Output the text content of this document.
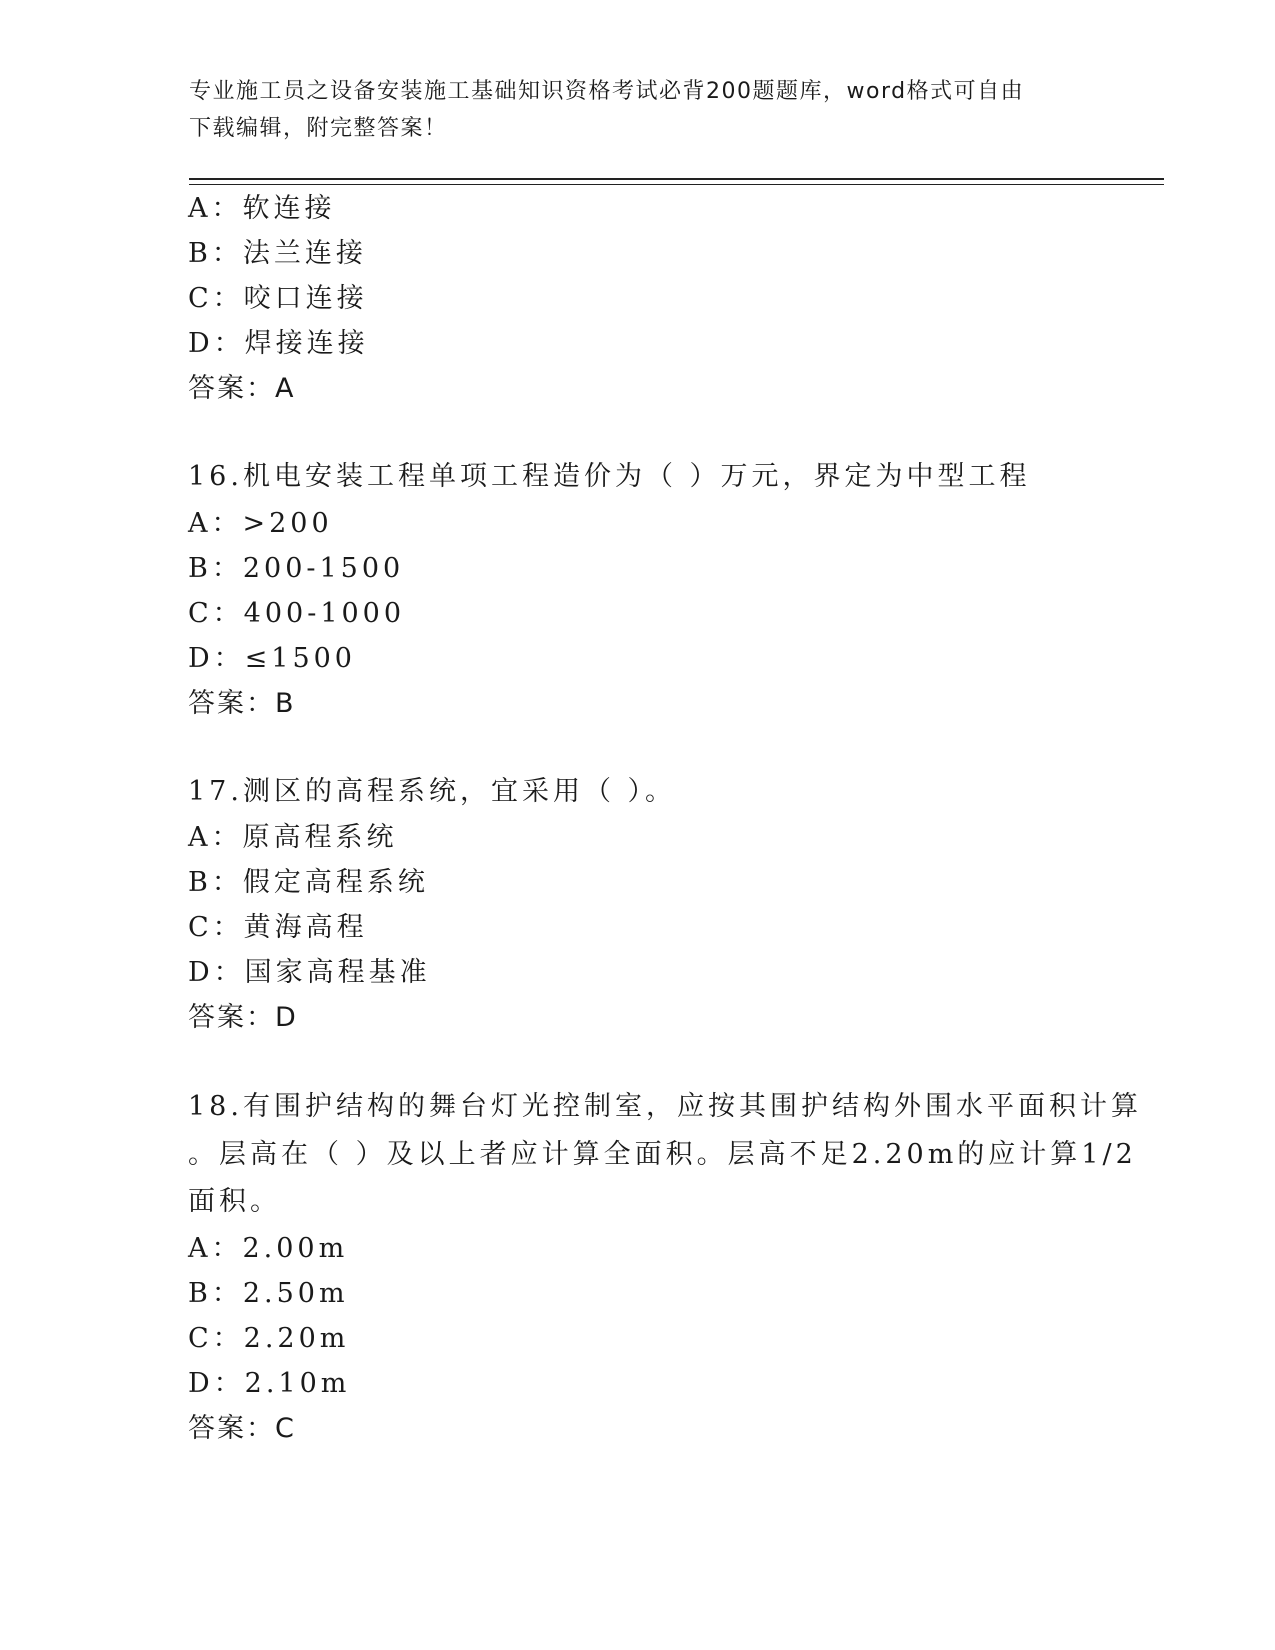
专业施工员之设备安装施工基础知识资格考试必背200题题库，word格式可自由
下载编辑，附完整答案！
A：软连接
B：法兰连接
C：咬口连接
D：焊接连接
答案：A
16.机电安装工程单项工程造价为（ ）万元，界定为中型工程
A：>200
B：200-1500
C：400-1000
D：≤1500
答案：B
17.测区的高程系统，宜采用（ ）。
A：原高程系统
B：假定高程系统
C：黄海高程
D：国家高程基准
答案：D
18.有围护结构的舞台灯光控制室，应按其围护结构外围水平面积计算
。层高在（ ）及以上者应计算全面积。层高不足2.20m的应计算1/2
面积。
A：2.00m
B：2.50m
C：2.20m
D：2.10m
答案：C
